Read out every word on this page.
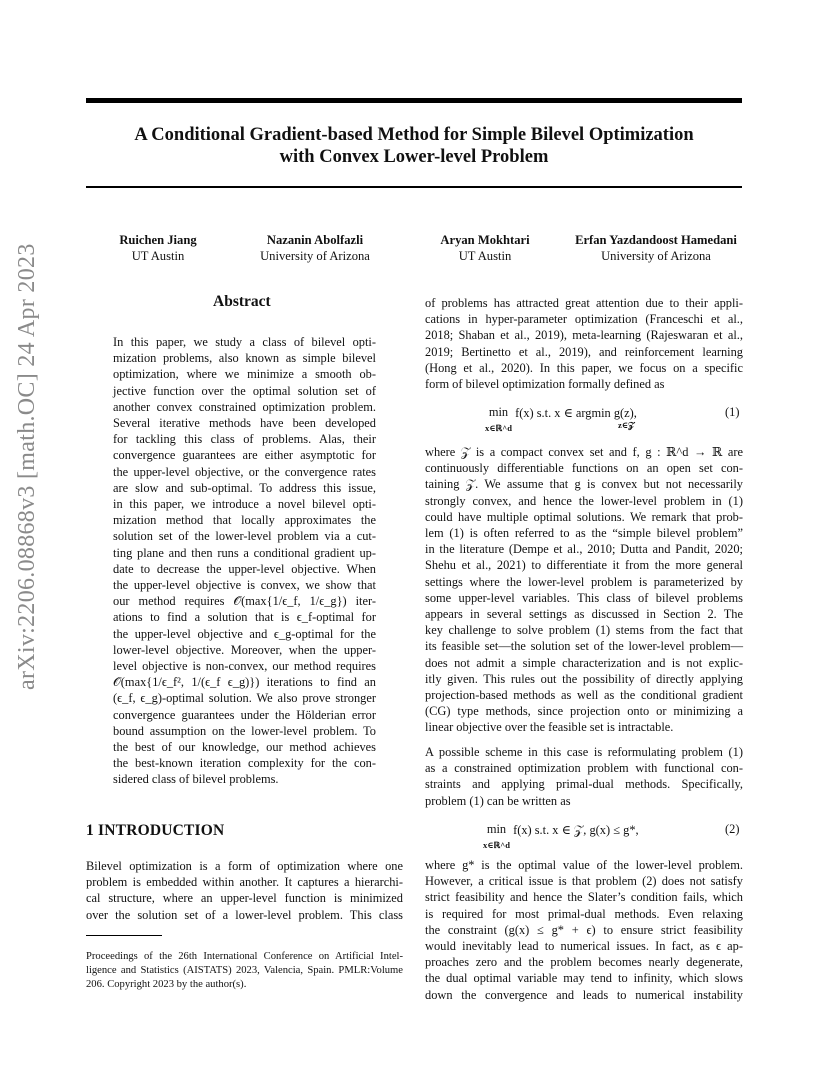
A Conditional Gradient-based Method for Simple Bilevel Optimization
with Convex Lower-level Problem
Ruichen Jiang
UT Austin
Nazanin Abolfazli
University of Arizona
Aryan Mokhtari
UT Austin
Erfan Yazdandoost Hamedani
University of Arizona
arXiv:2206.08868v3 [math.OC] 24 Apr 2023	Abstract
In this paper, we study a class of bilevel opti-
mization problems, also known as simple bilevel
optimization, where we minimize a smooth ob-
jective function over the optimal solution set of
another convex constrained optimization problem.
Several iterative methods have been developed
for tackling this class of problems. Alas, their
convergence guarantees are either asymptotic for
the upper-level objective, or the convergence rates
are slow and sub-optimal. To address this issue,
in this paper, we introduce a novel bilevel opti-
mization method that locally approximates the
solution set of the lower-level problem via a cut-
ting plane and then runs a conditional gradient up-
date to decrease the upper-level objective. When
the upper-level objective is convex, we show that
our method requires 𝒪(max{1/ϵ_f, 1/ϵ_g}) iter-
ations to find a solution that is ϵ_f-optimal for
the upper-level objective and ϵ_g-optimal for the
lower-level objective. Moreover, when the upper-
level objective is non-convex, our method requires
𝒪(max{1/ϵ_f², 1/(ϵ_f ϵ_g)}) iterations to find an
(ϵ_f, ϵ_g)-optimal solution. We also prove stronger
convergence guarantees under the Hölderian error
bound assumption on the lower-level problem. To
the best of our knowledge, our method achieves
the best-known iteration complexity for the con-
sidered class of bilevel problems.
1 INTRODUCTION
Bilevel optimization is a form of optimization where one
problem is embedded within another. It captures a hierarchi-
cal structure, where an upper-level function is minimized
over the solution set of a lower-level problem. This class
Proceedings of the 26th International Conference on Artificial Intel-ligence and Statistics (AISTATS) 2023, Valencia, Spain. PMLR:Volume 206. Copyright 2023 by the author(s).
of problems has attracted great attention due to their appli-
cations in hyper-parameter optimization (Franceschi et al.,
2018; Shaban et al., 2019), meta-learning (Rajeswaran et al.,
2019; Bertinetto et al., 2019), and reinforcement learning
(Hong et al., 2020). In this paper, we focus on a specific
form of bilevel optimization formally defined as
min
x∈ℝ^d f(x) s.t. x ∈ argmin g(z),
z∈𝒵
(1)
where 𝒵 is a compact convex set and f, g : ℝ^d → ℝ are
continuously differentiable functions on an open set con-
taining 𝒵. We assume that g is convex but not necessarily
strongly convex, and hence the lower-level problem in (1)
could have multiple optimal solutions. We remark that prob-
lem (1) is often referred to as the “simple bilevel problem”
in the literature (Dempe et al., 2010; Dutta and Pandit, 2020;
Shehu et al., 2021) to differentiate it from the more general
settings where the lower-level problem is parameterized by
some upper-level variables. This class of bilevel problems
appears in several settings as discussed in Section 2. The
key challenge to solve problem (1) stems from the fact that
its feasible set—the solution set of the lower-level problem—
does not admit a simple characterization and is not explic-
itly given. This rules out the possibility of directly applying
projection-based methods as well as the conditional gradient
(CG) type methods, since projection onto or minimizing a
linear objective over the feasible set is intractable.
A possible scheme in this case is reformulating problem (1)
as a constrained optimization problem with functional con-
straints and applying primal-dual methods. Specifically,
problem (1) can be written as
min
x∈ℝ^d f(x) s.t. x ∈ 𝒵, g(x) ≤ g*,	(2)
where g* is the optimal value of the lower-level problem.
However, a critical issue is that problem (2) does not satisfy
strict feasibility and hence the Slater’s condition fails, which
is required for most primal-dual methods. Even relaxing
the constraint (g(x) ≤ g* + ϵ) to ensure strict feasibility
would inevitably lead to numerical issues. In fact, as ϵ ap-
proaches zero and the problem becomes nearly degenerate,
the dual optimal variable may tend to infinity, which slows
down the convergence and leads to numerical instability
